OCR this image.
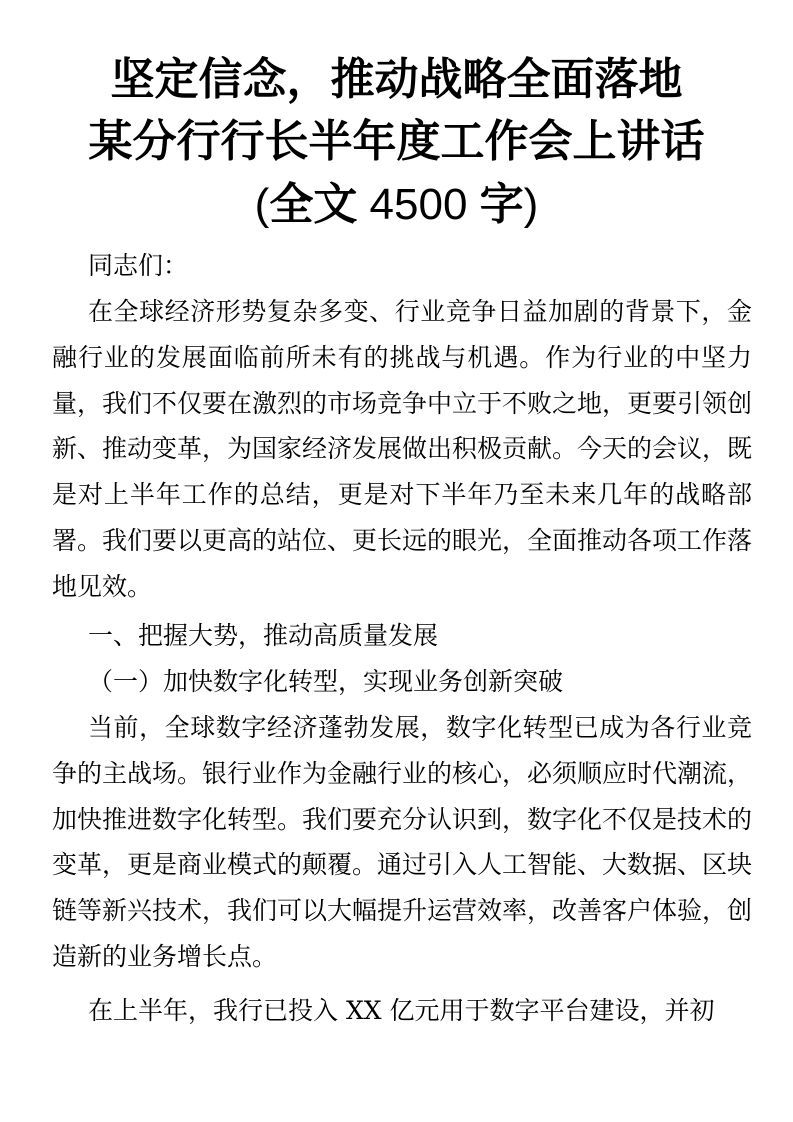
坚定信念，推动战略全面落地
某分行行长半年度工作会上讲话
(全文 4500 字)
同志们：

在全球经济形势复杂多变、行业竞争日益加剧的背景下，金融行业的发展面临前所未有的挑战与机遇。作为行业的中坚力量，我们不仅要在激烈的市场竞争中立于不败之地，更要引领创新、推动变革，为国家经济发展做出积极贡献。今天的会议，既是对上半年工作的总结，更是对下半年乃至未来几年的战略部署。我们要以更高的站位、更长远的眼光，全面推动各项工作落地见效。

一、把握大势，推动高质量发展
（一）加快数字化转型，实现业务创新突破

当前，全球数字经济蓬勃发展，数字化转型已成为各行业竞争的主战场。银行业作为金融行业的核心，必须顺应时代潮流，加快推进数字化转型。我们要充分认识到，数字化不仅是技术的变革，更是商业模式的颠覆。通过引入人工智能、大数据、区块链等新兴技术，我们可以大幅提升运营效率，改善客户体验，创造新的业务增长点。

在上半年，我行已投入 XX 亿元用于数字平台建设，并初
